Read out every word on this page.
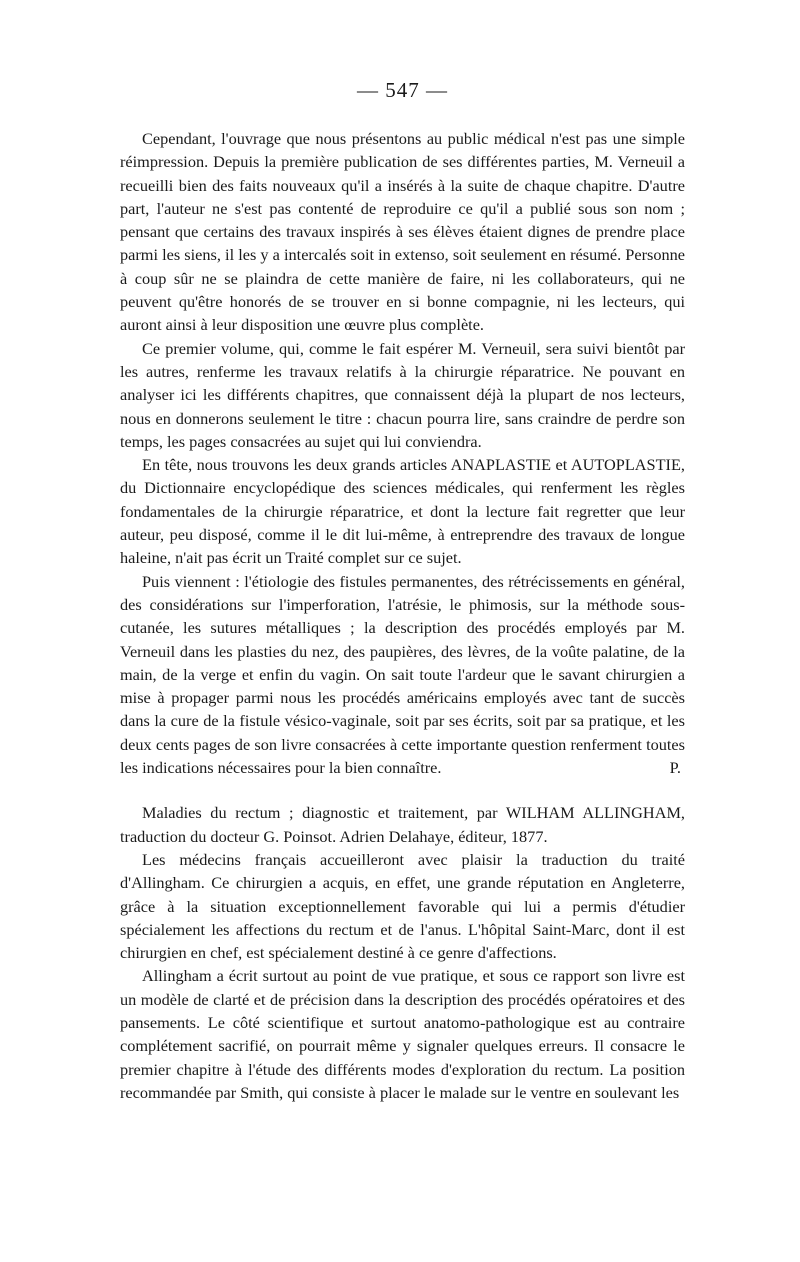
— 547 —

Cependant, l'ouvrage que nous présentons au public médical n'est pas une simple réimpression. Depuis la première publication de ses différentes parties, M. Verneuil a recueilli bien des faits nouveaux qu'il a insérés à la suite de chaque chapitre. D'autre part, l'auteur ne s'est pas contenté de reproduire ce qu'il a publié sous son nom ; pensant que certains des travaux inspirés à ses élèves étaient dignes de prendre place parmi les siens, il les y a intercalés soit in extenso, soit seulement en résumé. Personne à coup sûr ne se plaindra de cette manière de faire, ni les collaborateurs, qui ne peuvent qu'être honorés de se trouver en si bonne compagnie, ni les lecteurs, qui auront ainsi à leur disposition une œuvre plus complète.

Ce premier volume, qui, comme le fait espérer M. Verneuil, sera suivi bientôt par les autres, renferme les travaux relatifs à la chirurgie réparatrice. Ne pouvant en analyser ici les différents chapitres, que connaissent déjà la plupart de nos lecteurs, nous en donnerons seulement le titre : chacun pourra lire, sans craindre de perdre son temps, les pages consacrées au sujet qui lui conviendra.

En tête, nous trouvons les deux grands articles ANAPLASTIE et AUTOPLASTIE, du Dictionnaire encyclopédique des sciences médicales, qui renferment les règles fondamentales de la chirurgie réparatrice, et dont la lecture fait regretter que leur auteur, peu disposé, comme il le dit lui-même, à entreprendre des travaux de longue haleine, n'ait pas écrit un Traité complet sur ce sujet.

Puis viennent : l'étiologie des fistules permanentes, des rétrécissements en général, des considérations sur l'imperforation, l'atrésie, le phimosis, sur la méthode sous-cutanée, les sutures métalliques ; la description des procédés employés par M. Verneuil dans les plasties du nez, des paupières, des lèvres, de la voûte palatine, de la main, de la verge et enfin du vagin. On sait toute l'ardeur que le savant chirurgien a mise à propager parmi nous les procédés américains employés avec tant de succès dans la cure de la fistule vésico-vaginale, soit par ses écrits, soit par sa pratique, et les deux cents pages de son livre consacrées à cette importante question renferment toutes les indications nécessaires pour la bien connaître.	P.

Maladies du rectum ; diagnostic et traitement, par WILHAM ALLINGHAM, traduction du docteur G. Poinsot. Adrien Delahaye, éditeur, 1877.

Les médecins français accueilleront avec plaisir la traduction du traité d'Allingham. Ce chirurgien a acquis, en effet, une grande réputation en Angleterre, grâce à la situation exceptionnellement favorable qui lui a permis d'étudier spécialement les affections du rectum et de l'anus. L'hôpital Saint-Marc, dont il est chirurgien en chef, est spécialement destiné à ce genre d'affections.

Allingham a écrit surtout au point de vue pratique, et sous ce rapport son livre est un modèle de clarté et de précision dans la description des procédés opératoires et des pansements. Le côté scientifique et surtout anatomo-pathologique est au contraire complétement sacrifié, on pourrait même y signaler quelques erreurs. Il consacre le premier chapitre à l'étude des différents modes d'exploration du rectum. La position recommandée par Smith, qui consiste à placer le malade sur le ventre en soulevant les
